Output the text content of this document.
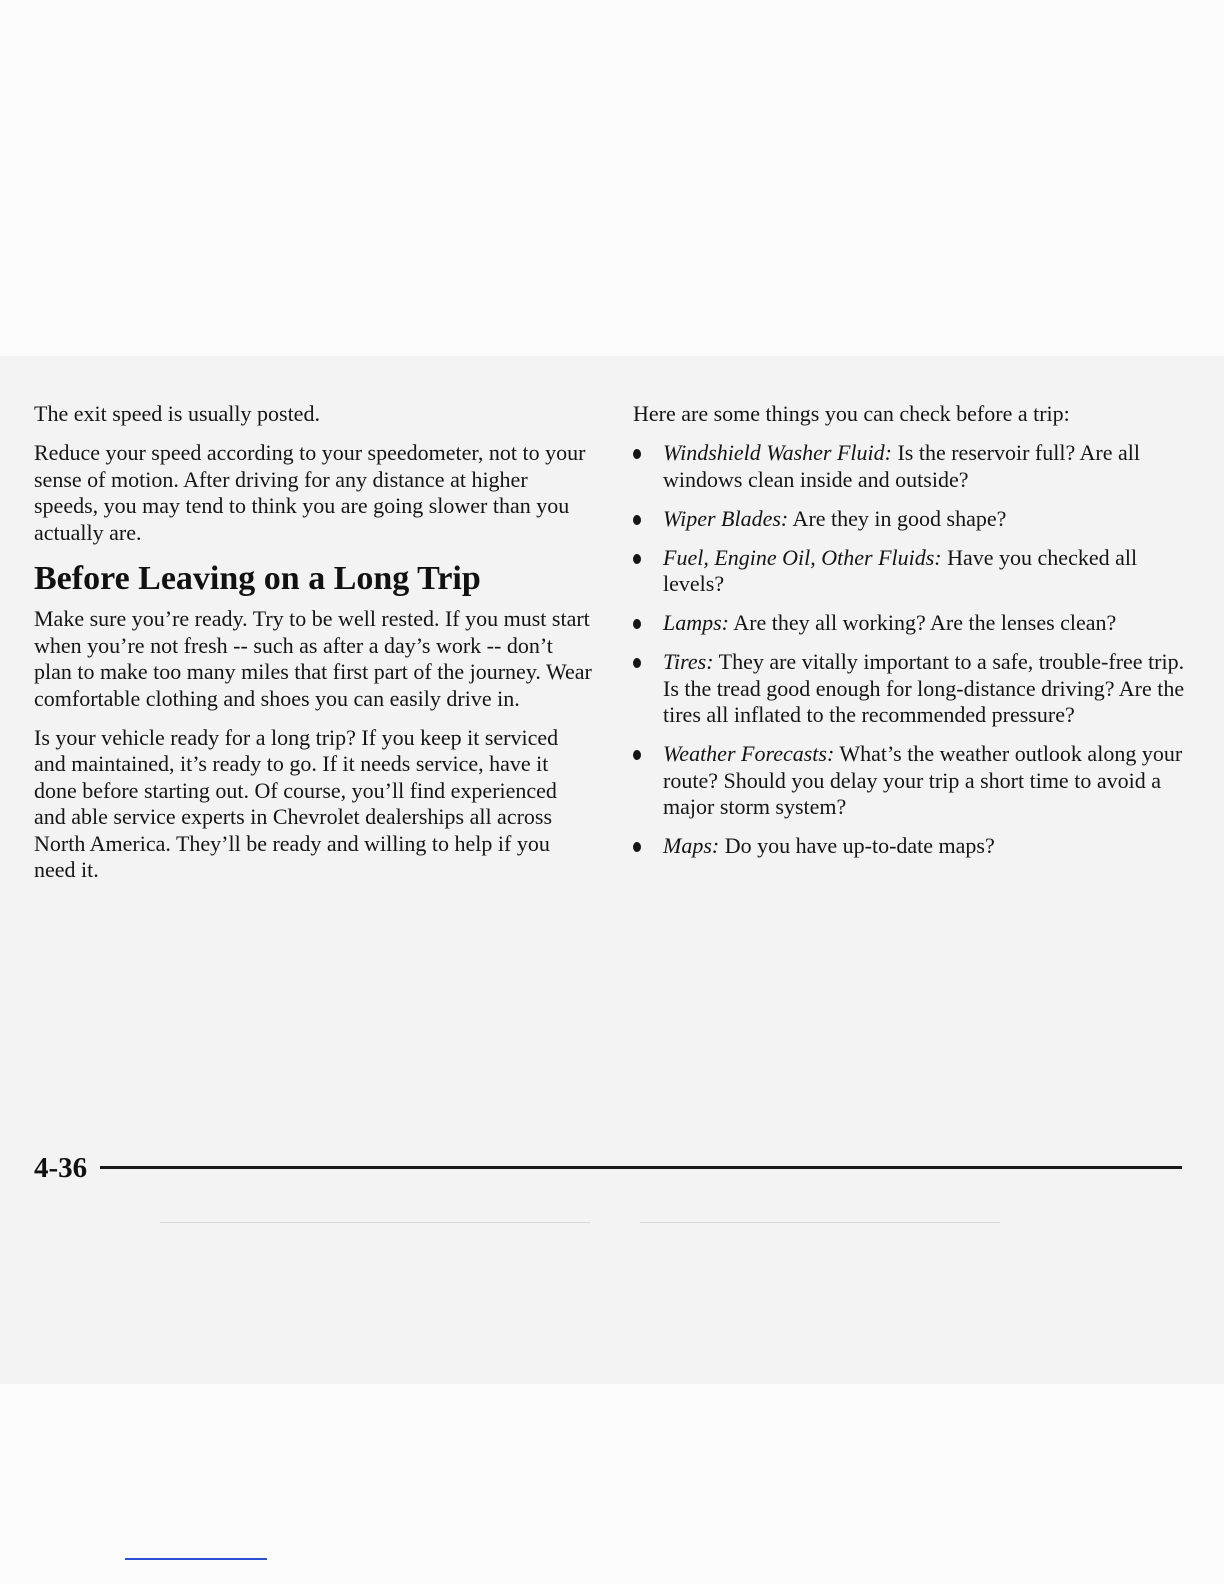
The exit speed is usually posted.

Reduce your speed according to your speedometer, not to your sense of motion. After driving for any distance at higher speeds, you may tend to think you are going slower than you actually are.

Before Leaving on a Long Trip

Make sure you’re ready. Try to be well rested. If you must start when you’re not fresh -- such as after a day’s work -- don’t plan to make too many miles that first part of the journey. Wear comfortable clothing and shoes you can easily drive in.

Is your vehicle ready for a long trip? If you keep it serviced and maintained, it’s ready to go. If it needs service, have it done before starting out. Of course, you’ll find experienced and able service experts in Chevrolet dealerships all across North America. They’ll be ready and willing to help if you need it.

Here are some things you can check before a trip:

Windshield Washer Fluid: Is the reservoir full? Are all windows clean inside and outside?
Wiper Blades: Are they in good shape?
Fuel, Engine Oil, Other Fluids: Have you checked all levels?
Lamps: Are they all working? Are the lenses clean?
Tires: They are vitally important to a safe, trouble-free trip. Is the tread good enough for long-distance driving? Are the tires all inflated to the recommended pressure?
Weather Forecasts: What’s the weather outlook along your route? Should you delay your trip a short time to avoid a major storm system?
Maps: Do you have up-to-date maps?
4-36
